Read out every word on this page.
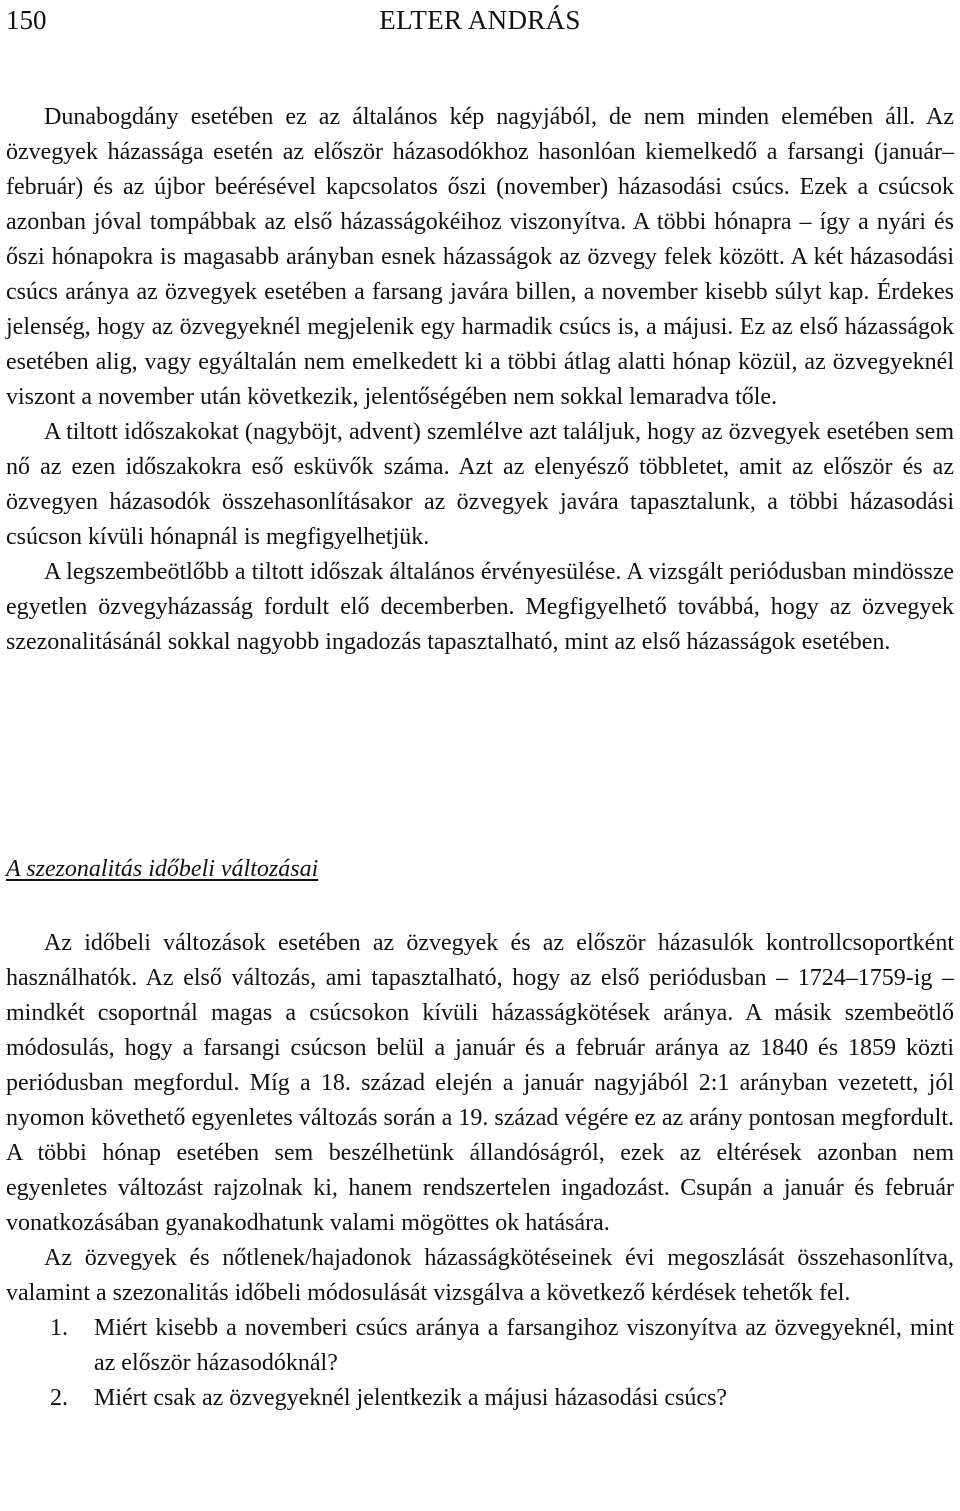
150	ELTER ANDRÁS

Dunabogdány esetében ez az általános kép nagyjából, de nem minden elemében áll. Az özvegyek házassága esetén az először házasodókhoz hasonlóan kiemelkedő a farsangi (január–február) és az újbor beérésével kapcsolatos őszi (november) házasodási csúcs. Ezek a csúcsok azonban jóval tompábbak az első házasságokéihoz viszonyítva. A többi hónapra – így a nyári és őszi hónapokra is magasabb arányban esnek házasságok az özvegy felek között. A két házasodási csúcs aránya az özvegyek esetében a farsang javára billen, a november kisebb súlyt kap. Érdekes jelenség, hogy az özvegyeknél megjelenik egy harmadik csúcs is, a májusi. Ez az első házasságok esetében alig, vagy egyáltalán nem emelkedett ki a többi átlag alatti hónap közül, az özvegyeknél viszont a november után következik, jelentőségében nem sokkal lemaradva tőle.

A tiltott időszakokat (nagyböjt, advent) szemlélve azt találjuk, hogy az özvegyek esetében sem nő az ezen időszakokra eső esküvők száma. Azt az elenyésző többletet, amit az először és az özvegyen házasodók összehasonlításakor az özvegyek javára tapasztalunk, a többi házasodási csúcson kívüli hónapnál is megfigyelhetjük.

A legszembeötlőbb a tiltott időszak általános érvényesülése. A vizsgált periódusban mindössze egyetlen özvegyházasság fordult elő decemberben. Megfigyelhető továbbá, hogy az özvegyek szezonalitásánál sokkal nagyobb ingadozás tapasztalható, mint az első házasságok esetében.

A szezonalitás időbeli változásai

Az időbeli változások esetében az özvegyek és az először házasulók kontrollcsoportként használhatók. Az első változás, ami tapasztalható, hogy az első periódusban – 1724–1759-ig – mindkét csoportnál magas a csúcsokon kívüli házasságkötések aránya. A másik szembeötlő módosulás, hogy a farsangi csúcson belül a január és a február aránya az 1840 és 1859 közti periódusban megfordul. Míg a 18. század elején a január nagyjából 2:1 arányban vezetett, jól nyomon követhető egyenletes változás során a 19. század végére ez az arány pontosan megfordult. A többi hónap esetében sem beszélhetünk állandóságról, ezek az eltérések azonban nem egyenletes változást rajzolnak ki, hanem rendszertelen ingadozást. Csupán a január és február vonatkozásában gyanakodhatunk valami mögöttes ok hatására.

Az özvegyek és nőtlenek/hajadonok házasságkötéseinek évi megoszlását összehasonlítva, valamint a szezonalitás időbeli módosulását vizsgálva a következő kérdések tehetők fel.

1.	Miért kisebb a novemberi csúcs aránya a farsangihoz viszonyítva az özvegyeknél, mint az először házasodóknál?
2.	Miért csak az özvegyeknél jelentkezik a májusi házasodási csúcs?
